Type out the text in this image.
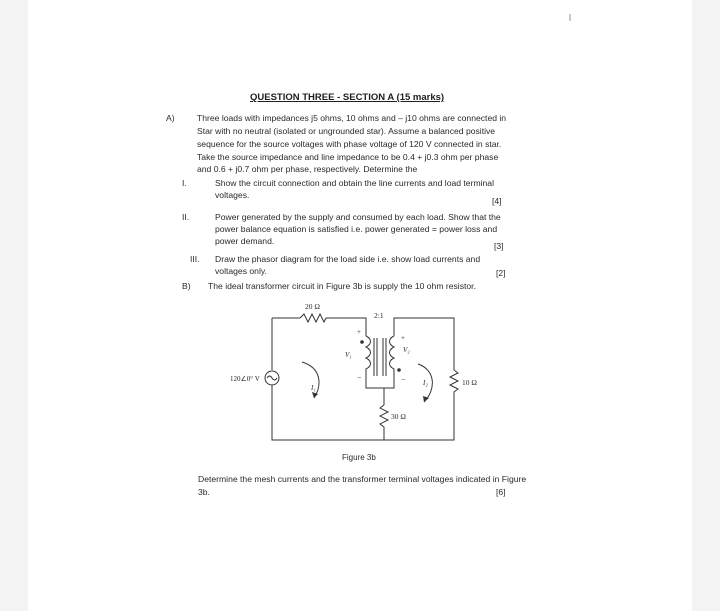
QUESTION THREE - SECTION A (15 marks)
A)	Three loads with impedances j5 ohms, 10 ohms and – j10 ohms are connected in
Star with no neutral (isolated or ungrounded star). Assume a balanced positive
sequence for the source voltages with phase voltage of 120 V connected in star.
Take the source impedance and line impedance to be 0.4 + j0.3 ohm per phase
and 0.6 + j0.7 ohm per phase, respectively. Determine the
I.	Show the circuit connection and obtain the line currents and load terminal
voltages.
[4]
II.	Power generated by the supply and consumed by each load. Show that the
power balance equation is satisfied i.e. power generated = power loss and
power demand.	[3]
III. Draw the phasor diagram for the load side i.e. show load currents and
voltages only.	[2]
B) The ideal transformer circuit in Figure 3b is supply the 10 ohm resistor.
20 Ω
2:1
V₁
V₂
+
−
+
−
120∠0° V
I₁
I₂	10 Ω
30 Ω
Figure 3b
Determine the mesh currents and the transformer terminal voltages indicated in Figure
3b.	[6]
